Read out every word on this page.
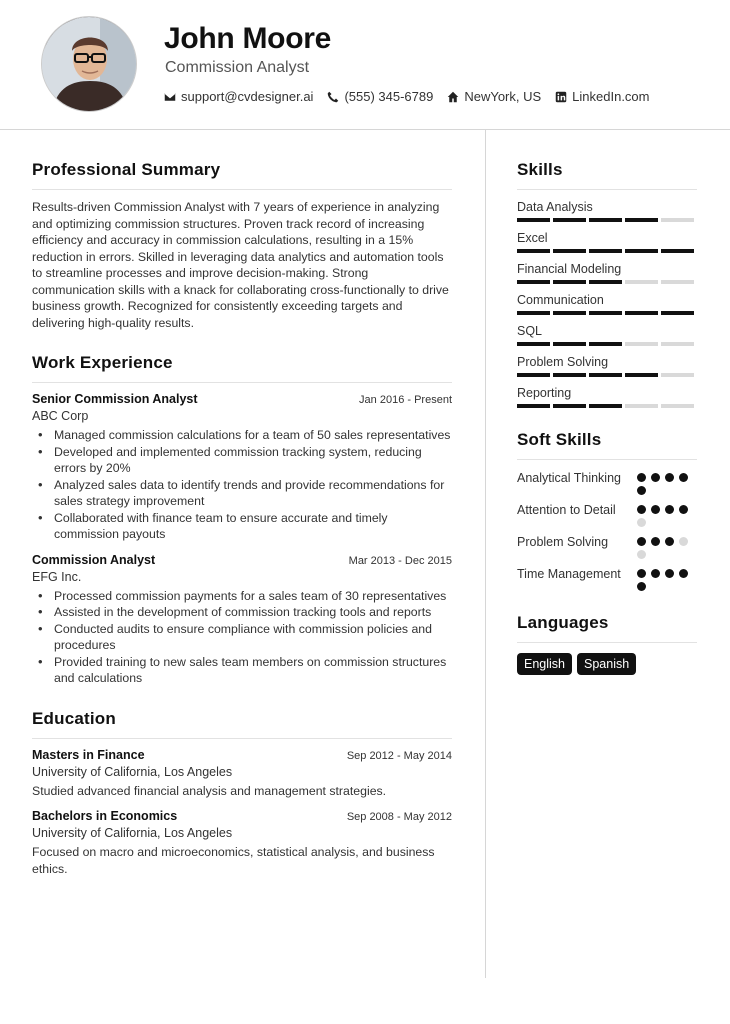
John Moore
Commission Analyst
support@cvdesigner.ai (555) 345-6789 NewYork, US LinkedIn.com
Professional Summary

Results-driven Commission Analyst with 7 years of experience in analyzing and optimizing commission structures. Proven track record of increasing efficiency and accuracy in commission calculations, resulting in a 15% reduction in errors. Skilled in leveraging data analytics and automation tools to streamline processes and improve decision-making. Strong communication skills with a knack for collaborating cross-functionally to drive business growth. Recognized for consistently exceeding targets and delivering high-quality results.

Work Experience
Senior Commission Analyst	Jan 2016 - Present
ABC Corp
• Managed commission calculations for a team of 50 sales representatives
• Developed and implemented commission tracking system, reducing errors by 20%
• Analyzed sales data to identify trends and provide recommendations for sales strategy improvement
• Collaborated with finance team to ensure accurate and timely commission payouts
Commission Analyst	Mar 2013 - Dec 2015
EFG Inc.
• Processed commission payments for a sales team of 30 representatives
• Assisted in the development of commission tracking tools and reports
• Conducted audits to ensure compliance with commission policies and procedures
• Provided training to new sales team members on commission structures and calculations
Education
Masters in Finance	Sep 2012 - May 2014
University of California, Los Angeles
Studied advanced financial analysis and management strategies.
Bachelors in Economics	Sep 2008 - May 2012
University of California, Los Angeles
Focused on macro and microeconomics, statistical analysis, and business ethics.
Skills
Data Analysis
Excel
Financial Modeling
Communication
SQL
Problem Solving
Reporting
Soft Skills
Analytical Thinking
Attention to Detail
Problem Solving
Time Management
Languages
English	Spanish
